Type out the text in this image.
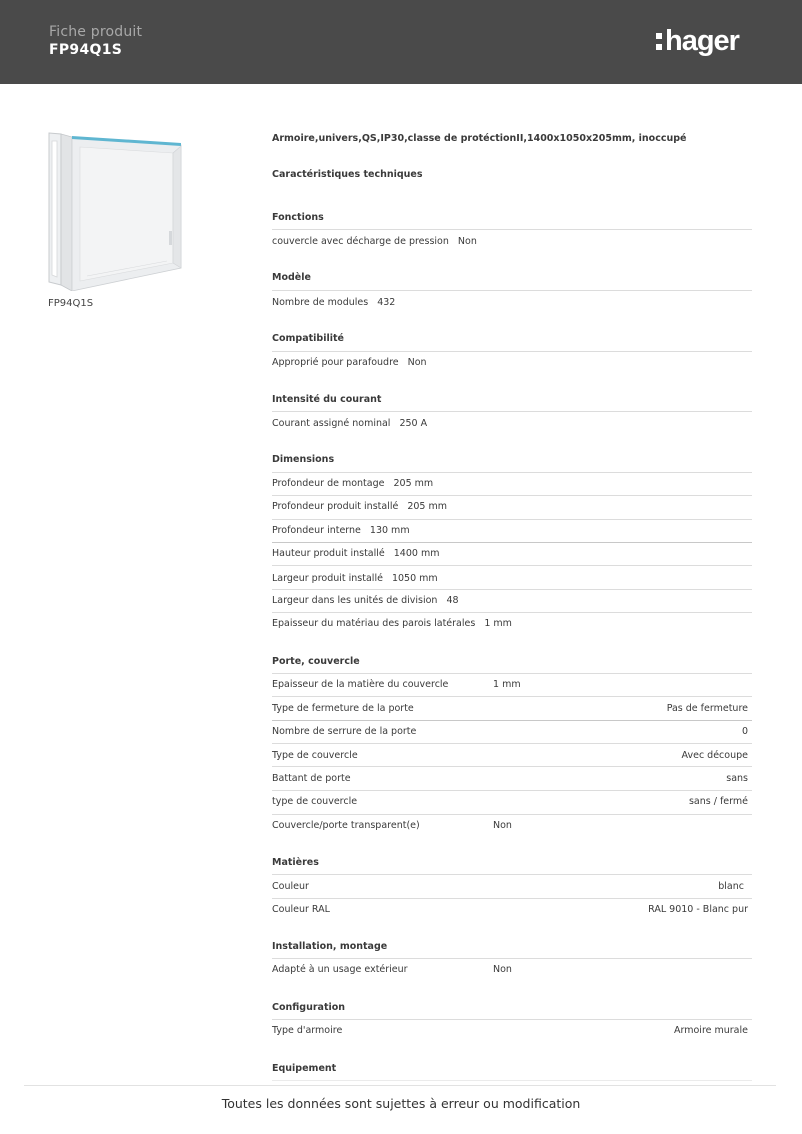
Fiche produit
FP94Q1S	hager
FP94Q1S
Armoire,univers,QS,IP30,classe de protéctionII,1400x1050x205mm, inoccupé
Caractéristiques techniques
Fonctions
couvercle avec décharge de pression Non
Modèle
Nombre de modules 432
Compatibilité
Approprié pour parafoudre Non
Intensité du courant
Courant assigné nominal 250 A
Dimensions
Profondeur de montage 205 mm
Profondeur produit installé 205 mm
Profondeur interne 130 mm
Hauteur produit installé 1400 mm
Largeur produit installé 1050 mm
Largeur dans les unités de division 48
Epaisseur du matériau des parois latérales 1 mm
Porte, couvercle
Epaisseur de la matière du couvercle	1 mm
Type de fermeture de la porte	Pas de fermeture
Nombre de serrure de la porte	0
Type de couvercle	Avec découpe
Battant de porte	sans
type de couvercle	sans / fermé
Couvercle/porte transparent(e)	Non
Matières
Couleur	blanc
Couleur RAL	RAL 9010 - Blanc pur
Installation, montage
Adapté à un usage extérieur	Non
Configuration
Type d'armoire	Armoire murale
Equipement
Toutes les données sont sujettes à erreur ou modification
